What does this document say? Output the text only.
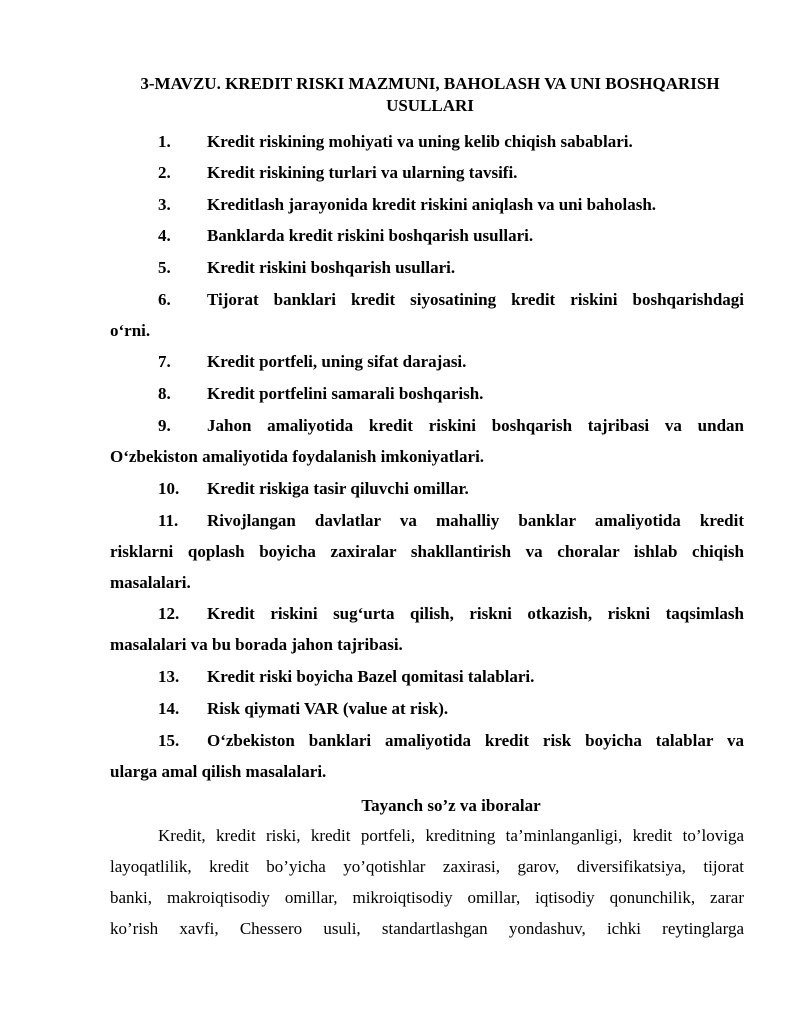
3-MAVZU. KREDIT RISKI MAZMUNI, BAHOLASH VA UNI BOSHQARISH
USULLARI
1. Kredit riskining mohiyati va uning kelib chiqish sabablari.
2. Kredit riskining turlari va ularning tavsifi.
3. Kreditlash jarayonida kredit riskini aniqlash va uni baholash.
4. Banklarda kredit riskini boshqarish usullari.
5. Kredit riskini boshqarish usullari.
6. Tijorat banklari kredit siyosatining kredit riskini boshqarishdagi
o‘rni.
7. Kredit portfeli, uning sifat darajasi.
8. Kredit portfelini samarali boshqarish.
9. Jahon amaliyotida kredit riskini boshqarish tajribasi va undan
O‘zbekiston amaliyotida foydalanish imkoniyatlari.
10. Kredit riskiga tasir qiluvchi omillar.
11. Rivojlangan davlatlar va mahalliy banklar amaliyotida kredit
risklarni qoplash boyicha zaxiralar shakllantirish va choralar ishlab chiqish
masalalari.
12. Kredit riskini sug‘urta qilish, riskni otkazish, riskni taqsimlash
masalalari va bu borada jahon tajribasi.
13. Kredit riski boyicha Bazel qomitasi talablari.
14. Risk qiymati VAR (value at risk).
15. O‘zbekiston banklari amaliyotida kredit risk boyicha talablar va
ularga amal qilish masalalari.
Tayanch so’z va iboralar
Kredit, kredit riski, kredit portfeli, kreditning ta’minlanganligi, kredit to’loviga
layoqatlilik, kredit bo’yicha yo’qotishlar zaxirasi, garov, diversifikatsiya, tijorat
banki, makroiqtisodiy omillar, mikroiqtisodiy omillar, iqtisodiy qonunchilik, zarar
ko’rish xavfi, Chessero usuli, standartlashgan yondashuv, ichki reytinglarga
